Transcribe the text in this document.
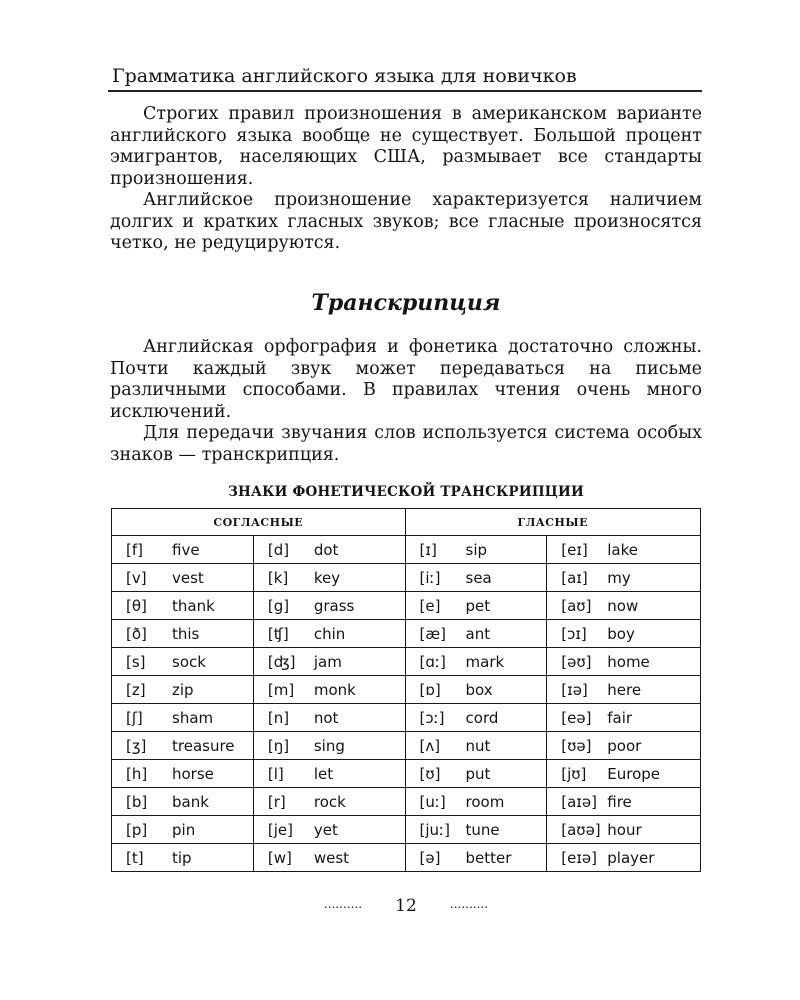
Грамматика английского языка для новичков

Строгих правил произношения в американском варианте английского языка вообще не существует. Большой процент эмигрантов, населяющих США, размывает все стандарты произношения.

Английское произношение характеризуется наличием долгих и кратких гласных звуков; все гласные произносятся четко, не редуцируются.

Транскрипция

Английская орфография и фонетика достаточно сложны. Почти каждый звук может передаваться на письме различными способами. В правилах чтения очень много исключений.

Для передачи звучания слов используется система особых знаков — транскрипция.

ЗНАКИ ФОНЕТИЧЕСКОЙ ТРАНСКРИПЦИИ
СОГЛАСНЫЕ		ГЛАСНЫЕ	

[f] five	[d] dot	[ɪ] sip	[eɪ] lake

[v] vest	[k] key	[iː] sea	[aɪ] my

[θ] thank	[g] grass	[e] pet	[aʊ] now

[ð] this	[ʧ] chin	[æ] ant	[ɔɪ] boy

[s] sock	[ʤ] jam	[ɑː] mark	[əʊ] home

[z] zip	[m] monk	[ɒ] box	[ɪə] here

[ʃ] sham	[n] not	[ɔː] cord	[eə] fair

[ʒ] treasure	[ŋ] sing	[ʌ] nut	[ʊə] poor

[h] horse	[l] let	[ʊ] put	[jʊ] Europe

[b] bank	[r] rock	[uː] room	[aɪə] fire

[p] pin	[je] yet	[juː] tune	[aʊə] hour

[t] tip	[w] west	[ə] better	[eɪə] player
.......... 12	..........
